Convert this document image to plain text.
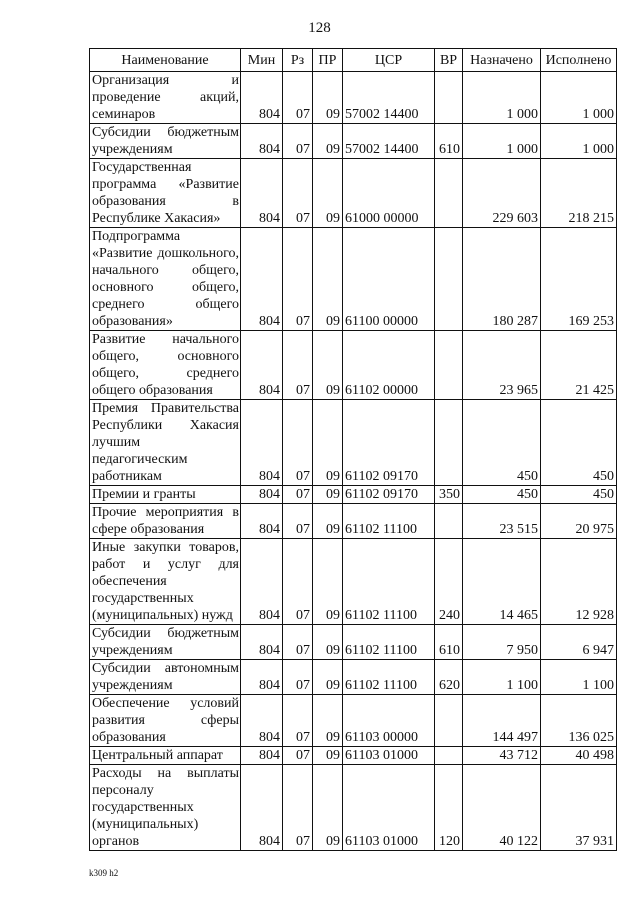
128
Наименование	Мин	Рз	ПР	ЦСР	ВР	Назначено	Исполнено
Организация и проведение акций, семинаров	804	07	09	57002 14400		1 000	1 000
Субсидии бюджетным учреждениям	804	07	09	57002 14400	610	1 000	1 000
Государственная программа «Развитие образования в Республике Хакасия»	804	07	09	61000 00000		229 603	218 215
Подпрограмма «Развитие дошкольного, начального общего, основного общего, среднего общего образования»	804	07	09	61100 00000		180 287	169 253
Развитие начального общего, основного общего, среднего общего образования	804	07	09	61102 00000		23 965	21 425
Премия Правительства Республики Хакасия лучшим педагогическим работникам	804	07	09	61102 09170		450	450
Премии и гранты	804	07	09	61102 09170	350	450	450
Прочие мероприятия в сфере образования	804	07	09	61102 11100		23 515	20 975
Иные закупки товаров, работ и услуг для обеспечения государственных (муниципальных) нужд	804	07	09	61102 11100	240	14 465	12 928
Субсидии бюджетным учреждениям	804	07	09	61102 11100	610	7 950	6 947
Субсидии автономным учреждениям	804	07	09	61102 11100	620	1 100	1 100
Обеспечение условий развития сферы образования	804	07	09	61103 00000		144 497	136 025
Центральный аппарат	804	07	09	61103 01000		43 712	40 498
Расходы на выплаты персоналу государственных (муниципальных) органов	804	07	09	61103 01000	120	40 122	37 931
k309 h2
